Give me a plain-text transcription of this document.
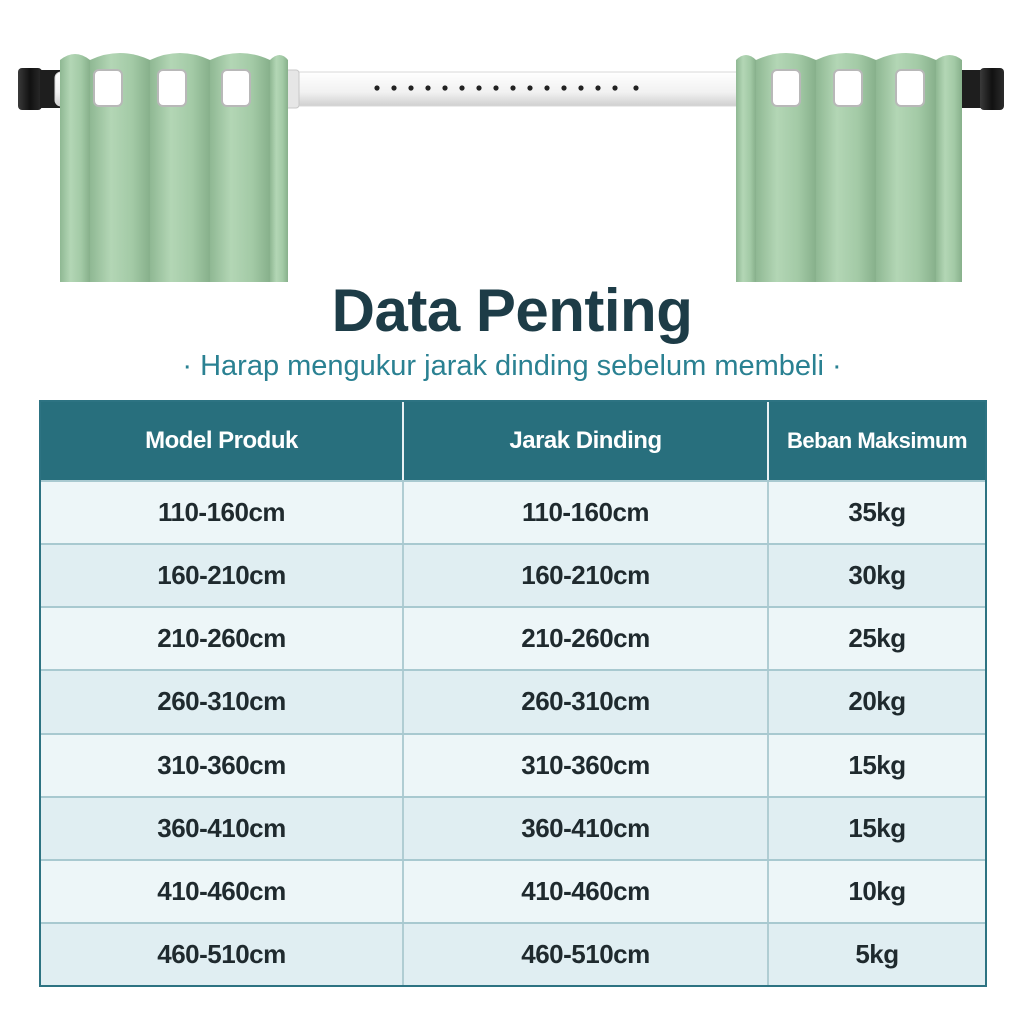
Data Penting
· Harap mengukur jarak dinding sebelum membeli ·
Model Produk	Jarak Dinding	Beban Maksimum
110-160cm	110-160cm	35kg
160-210cm	160-210cm	30kg
210-260cm	210-260cm	25kg
260-310cm	260-310cm	20kg
310-360cm	310-360cm	15kg
360-410cm	360-410cm	15kg
410-460cm	410-460cm	10kg
460-510cm	460-510cm	5kg
